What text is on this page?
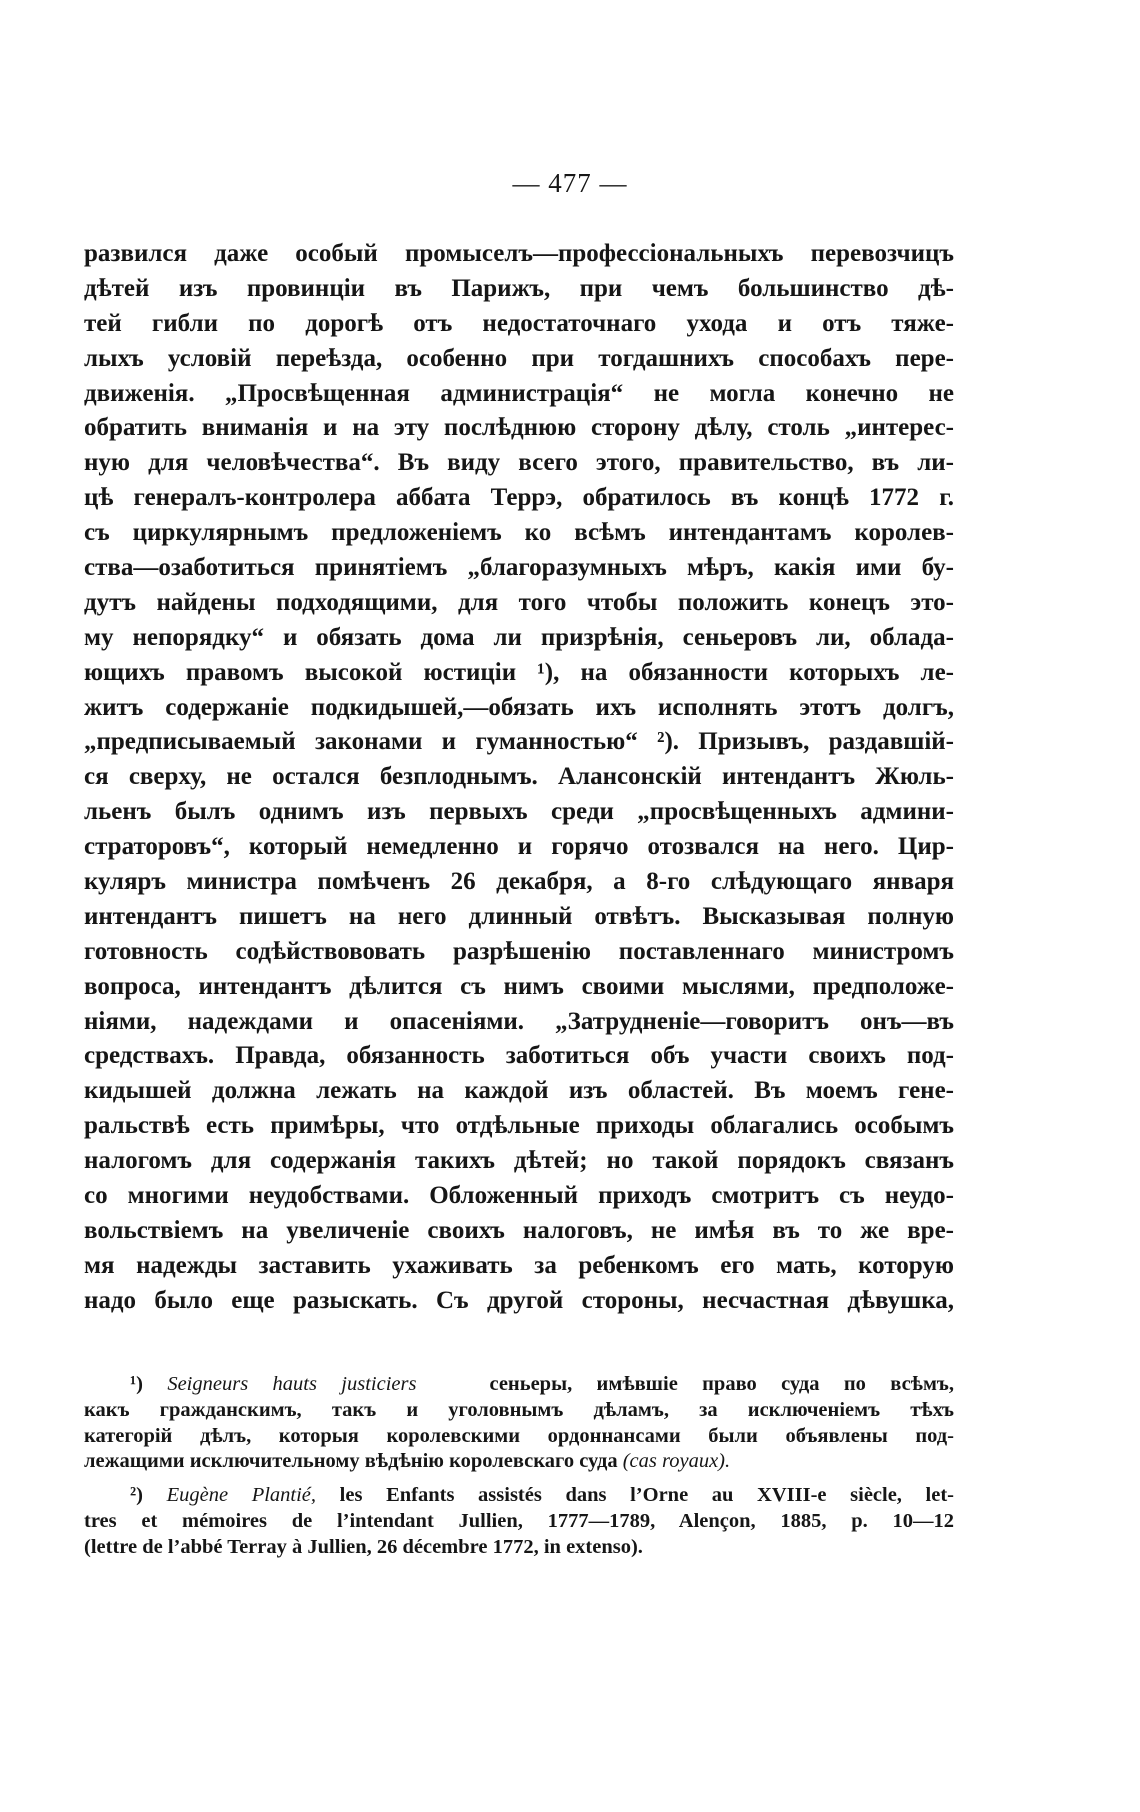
— 477 —
развился даже особый промыселъ—профессіональныхъ перевозчицъ
дѣтей изъ провинціи въ Парижъ, при чемъ большинство дѣ-
тей гибли по дорогѣ отъ недостаточнаго ухода и отъ тяже-
лыхъ условій переѣзда, особенно при тогдашнихъ способахъ пере-
движенія. „Просвѣщенная администрація“ не могла конечно не
обратить вниманія и на эту послѣднюю сторону дѣлу, столь „интерес-
ную для человѣчества“. Въ виду всего этого, правительство, въ ли-
цѣ генералъ-контролера аббата Террэ, обратилось въ концѣ 1772 г.
съ циркулярнымъ предложеніемъ ко всѣмъ интендантамъ королев-
ства—озаботиться принятіемъ „благоразумныхъ мѣръ, какія ими бу-
дутъ найдены подходящими, для того чтобы положить конецъ это-
му непорядку“ и обязать дома ли призрѣнія, сеньеровъ ли, облада-
ющихъ правомъ высокой юстиціи ¹), на обязанности которыхъ ле-
житъ содержаніе подкидышей,—обязать ихъ исполнять этотъ долгъ,
„предписываемый законами и гуманностью“ ²). Призывъ, раздавшій-
ся сверху, не остался безплоднымъ. Алансонскій интендантъ Жюль-
льенъ былъ однимъ изъ первыхъ среди „просвѣщенныхъ админи-
страторовъ“, который немедленно и горячо отозвался на него. Цир-
куляръ министра помѣченъ 26 декабря, а 8-го слѣдующаго января
интендантъ пишетъ на него длинный отвѣтъ. Высказывая полную
готовность содѣйствововать разрѣшенію поставленнаго министромъ
вопроса, интендантъ дѣлится съ нимъ своими мыслями, предположе-
ніями, надеждами и опасеніями. „Затрудненіе—говоритъ онъ—въ
средствахъ. Правда, обязанность заботиться объ участи своихъ под-
кидышей должна лежать на каждой изъ областей. Въ моемъ гене-
ральствѣ есть примѣры, что отдѣльные приходы облагались особымъ
налогомъ для содержанія такихъ дѣтей; но такой порядокъ связанъ
со многими неудобствами. Обложенный приходъ смотритъ съ неудо-
вольствіемъ на увеличеніе своихъ налоговъ, не имѣя въ то же вре-
мя надежды заставить ухаживать за ребенкомъ его мать, которую
надо было еще разыскать. Съ другой стороны, несчастная дѣвушка,
¹) Seigneurs hauts justiciers	сеньеры, имѣвшіе право суда по всѣмъ,
какъ гражданскимъ, такъ и уголовнымъ дѣламъ, за исключеніемъ тѣхъ
категорій дѣлъ, которыя королевскими ордоннансами были объявлены под-
лежащими исключительному вѣдѣнію королевскаго суда (cas royaux).
²) Eugène Plantié, les Enfants assistés dans l’Orne au XVIII-e siècle, let-
tres et mémoires de l’intendant Jullien, 1777—1789, Alençon, 1885, p. 10—12
(lettre de l’abbé Terray à Jullien, 26 décembre 1772, in extenso).
